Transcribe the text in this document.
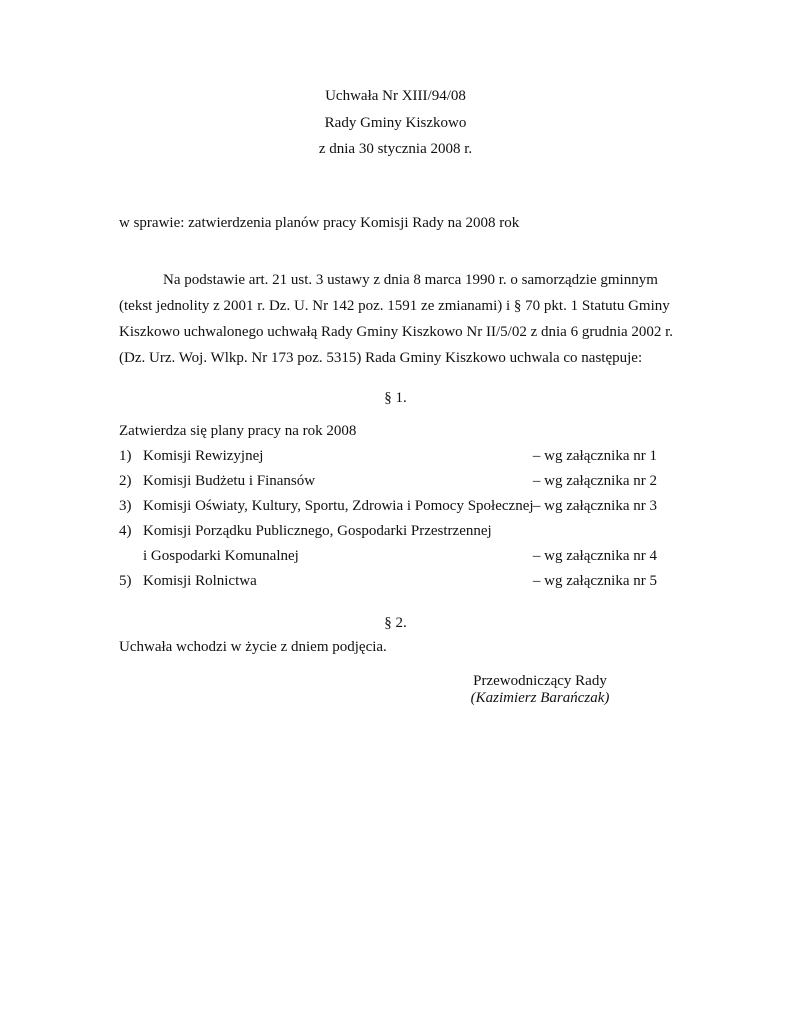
Uchwała Nr XIII/94/08
Rady Gminy Kiszkowo
z dnia 30 stycznia 2008 r.
w sprawie: zatwierdzenia planów pracy Komisji Rady na 2008 rok
Na podstawie art. 21 ust. 3 ustawy z dnia 8 marca 1990 r. o samorządzie gminnym
(tekst jednolity z 2001 r. Dz. U. Nr 142 poz. 1591 ze zmianami) i § 70 pkt. 1 Statutu Gminy
Kiszkowo uchwalonego uchwałą Rady Gminy Kiszkowo Nr II/5/02 z dnia 6 grudnia 2002 r.
(Dz. Urz. Woj. Wlkp. Nr 173 poz. 5315) Rada Gminy Kiszkowo uchwala co następuje:
§ 1.
Zatwierdza się plany pracy na rok 2008
1) Komisji Rewizyjnej	– wg załącznika nr 1
2) Komisji Budżetu i Finansów	– wg załącznika nr 2
3) Komisji Oświaty, Kultury, Sportu, Zdrowia i Pomocy Społecznej – wg załącznika nr 3
4) Komisji Porządku Publicznego, Gospodarki Przestrzennej
i Gospodarki Komunalnej	– wg załącznika nr 4
5) Komisji Rolnictwa	– wg załącznika nr 5
§ 2.
Uchwała wchodzi w życie z dniem podjęcia.
Przewodniczący Rady
(Kazimierz Barańczak)
